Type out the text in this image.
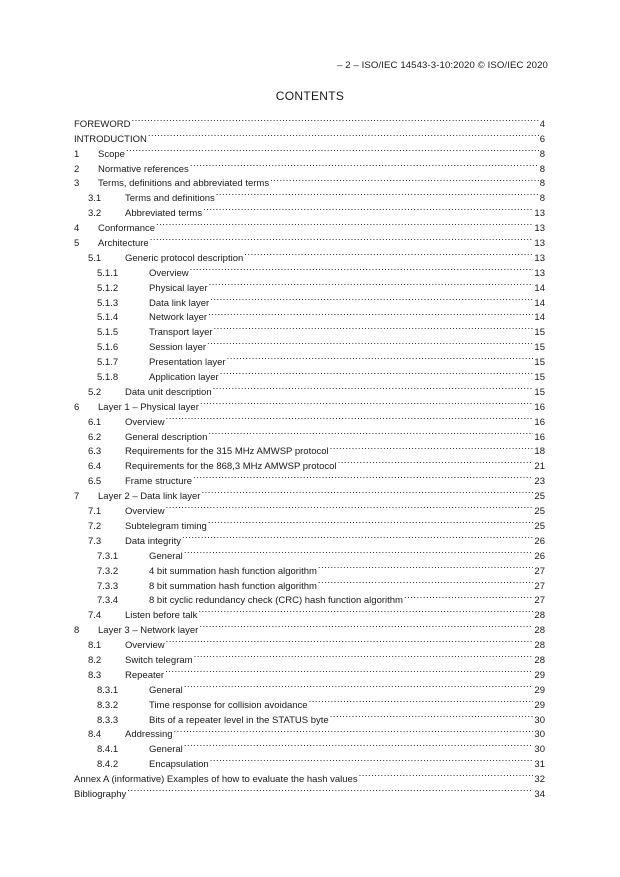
– 2 – ISO/IEC 14543-3-10:2020 © ISO/IEC 2020
CONTENTS
FOREWORD .....	4
INTRODUCTION .....	6
1	Scope .....	8
2	Normative references .....	8
3	Terms, definitions and abbreviated terms .....	8
3.1	Terms and definitions .....	8
3.2	Abbreviated terms .....	13
4	Conformance .....	13
5	Architecture .....	13
5.1	Generic protocol description .....	13
5.1.1	Overview .....	13
5.1.2	Physical layer .....	14
5.1.3	Data link layer .....	14
5.1.4	Network layer .....	14
5.1.5	Transport layer .....	15
5.1.6	Session layer .....	15
5.1.7	Presentation layer .....	15
5.1.8	Application layer .....	15
5.2	Data unit description .....	15
6	Layer 1 – Physical layer .....	16
6.1	Overview .....	16
6.2	General description .....	16
6.3	Requirements for the 315 MHz AMWSP protocol .....	18
6.4	Requirements for the 868,3 MHz AMWSP protocol .....	21
6.5	Frame structure .....	23
7	Layer 2 – Data link layer .....	25
7.1	Overview .....	25
7.2	Subtelegram timing .....	25
7.3	Data integrity .....	26
7.3.1	General .....	26
7.3.2	4 bit summation hash function algorithm .....	27
7.3.3	8 bit summation hash function algorithm .....	27
7.3.4	8 bit cyclic redundancy check (CRC) hash function algorithm .....	27
7.4	Listen before talk .....	28
8	Layer 3 – Network layer .....	28
8.1	Overview .....	28
8.2	Switch telegram .....	28
8.3	Repeater .....	29
8.3.1	General .....	29
8.3.2	Time response for collision avoidance .....	29
8.3.3	Bits of a repeater level in the STATUS byte .....	30
8.4	Addressing .....	30
8.4.1	General .....	30
8.4.2	Encapsulation .....	31
Annex A (informative) Examples of how to evaluate the hash values .....	32
Bibliography .....	34
